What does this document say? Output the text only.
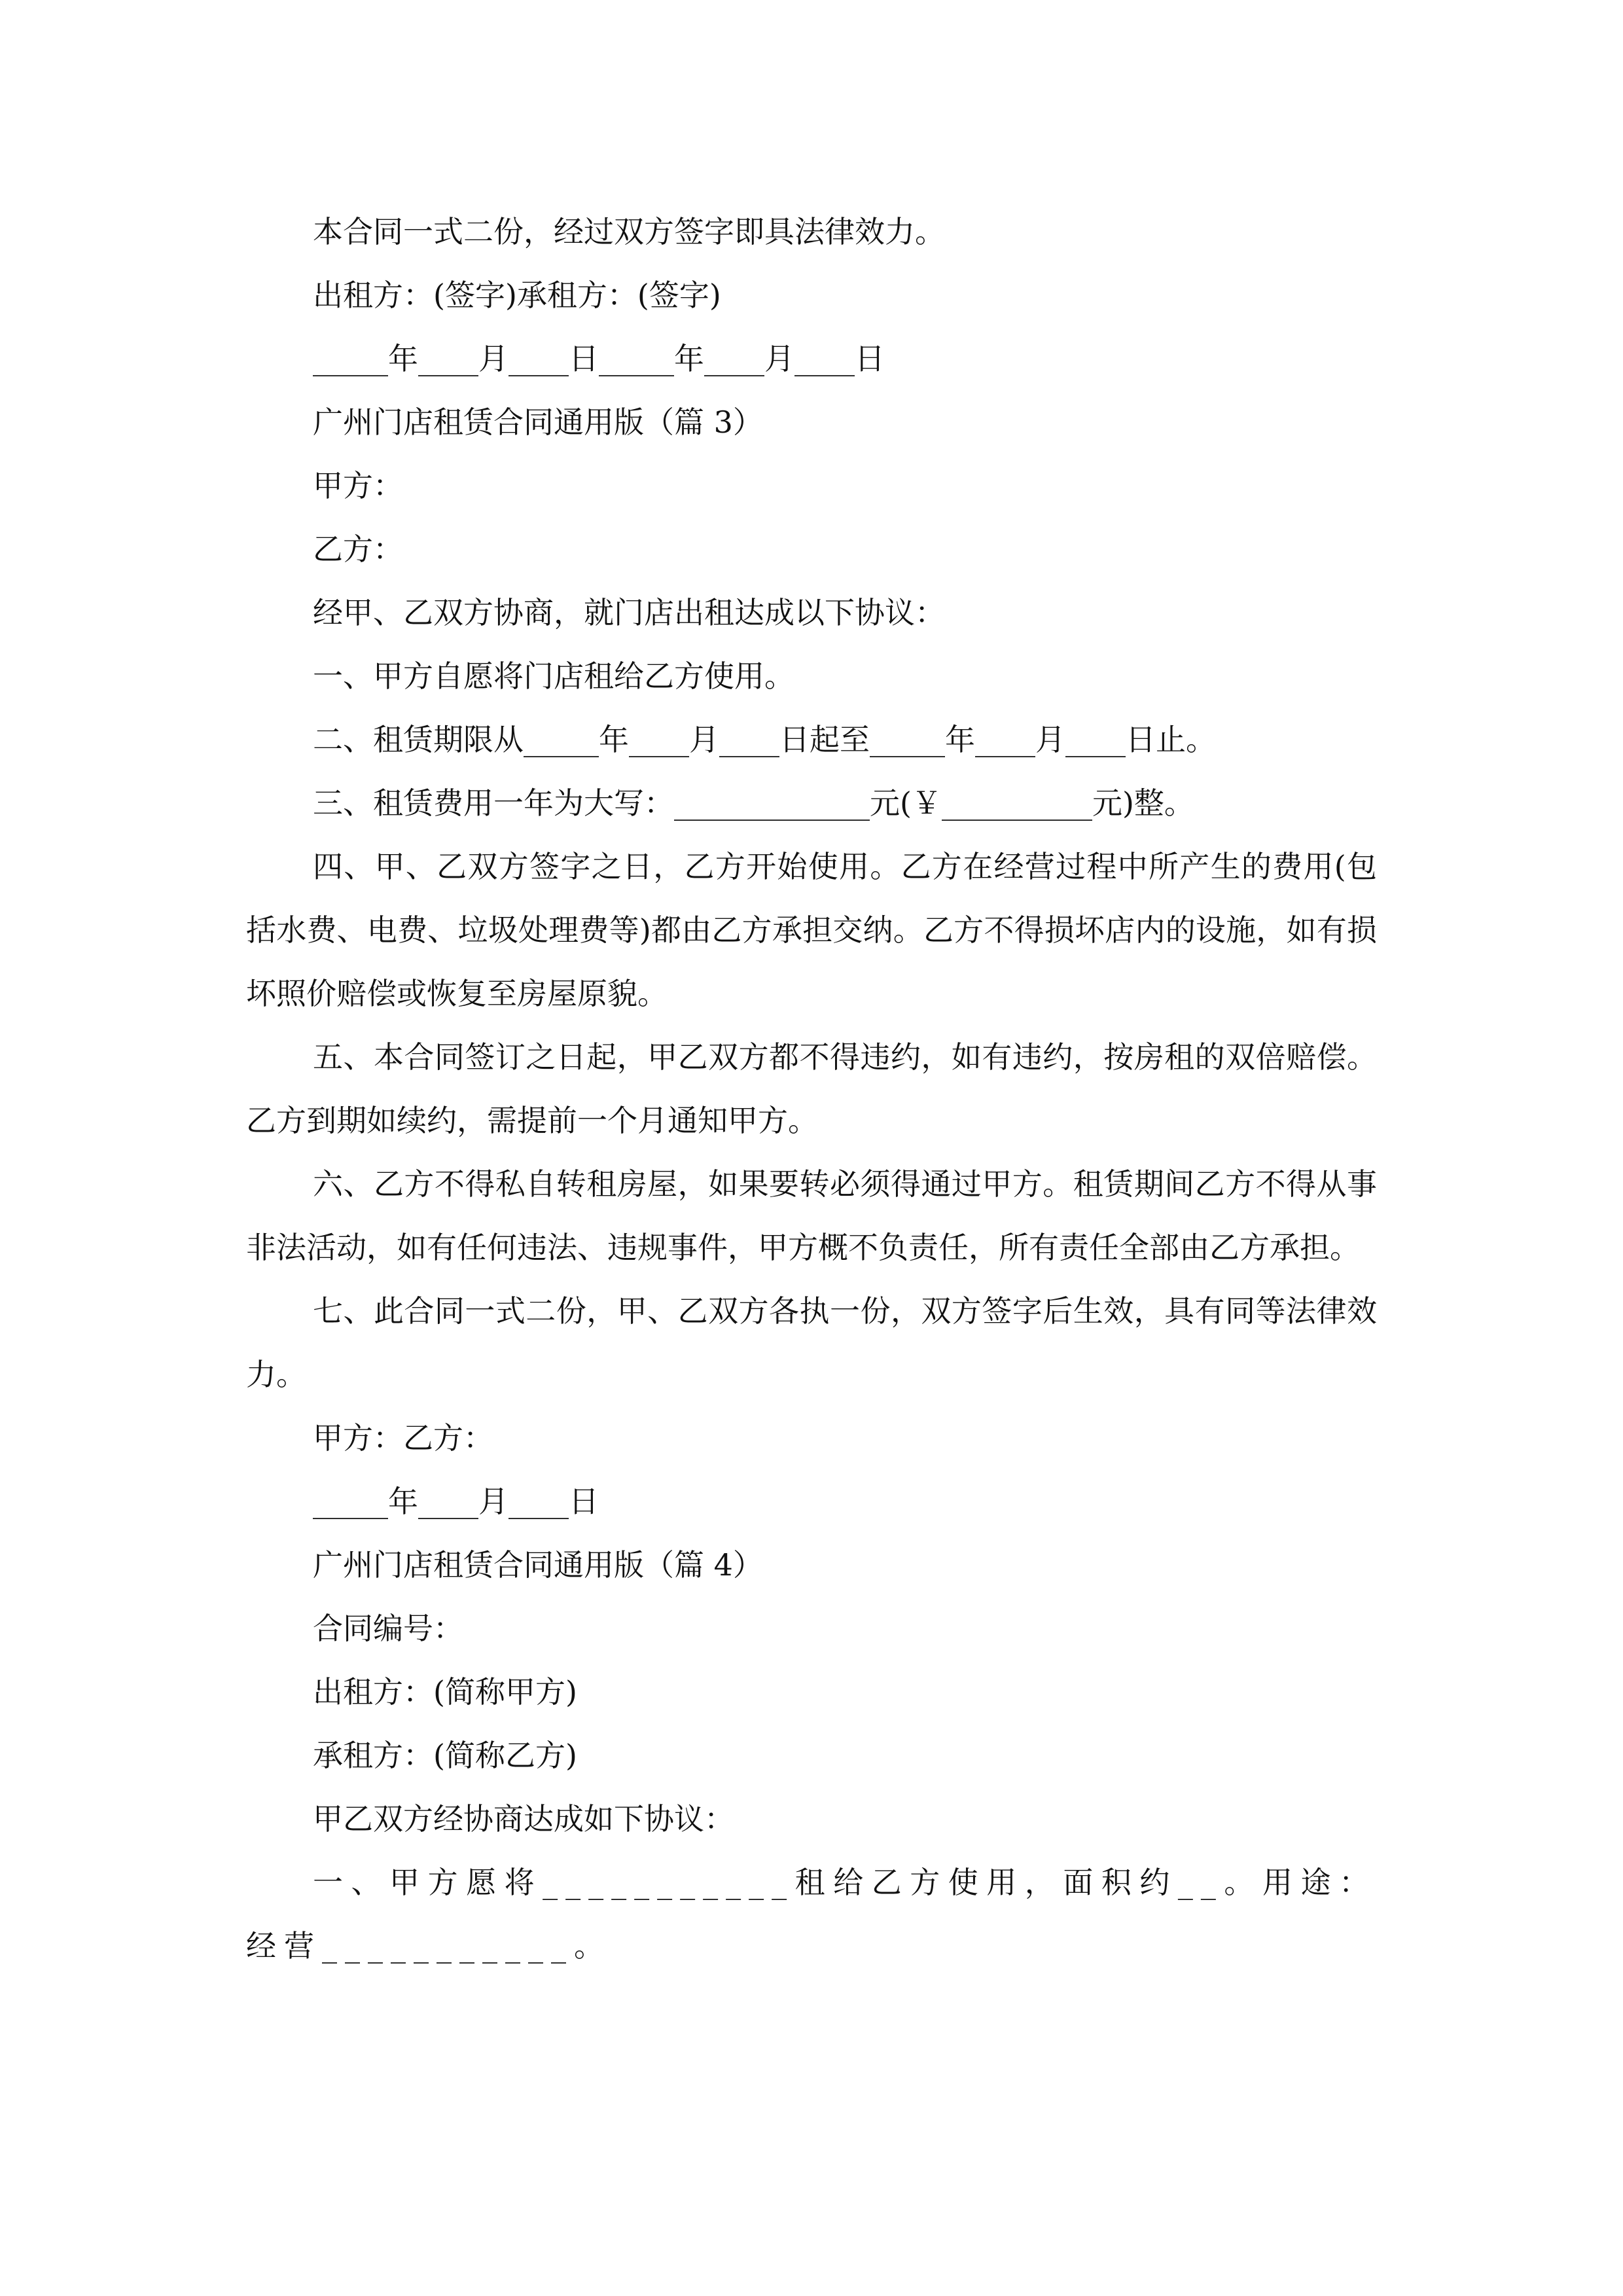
本合同一式二份，经过双方签字即具法律效力。

出租方：(签字)承租方：(签字)

_____年____月____日_____年____月____日

广州门店租赁合同通用版（篇 3）

甲方：

乙方：

经甲、乙双方协商，就门店出租达成以下协议：

一、甲方自愿将门店租给乙方使用。

二、租赁期限从_____年____月____日起至_____年____月____日止。

三、租赁费用一年为大写：_____________元(￥__________元)整。

四、甲、乙双方签字之日，乙方开始使用。乙方在经营过程中所产生的费用(包括水费、电费、垃圾处理费等)都由乙方承担交纳。乙方不得损坏店内的设施，如有损坏照价赔偿或恢复至房屋原貌。

五、本合同签订之日起，甲乙双方都不得违约，如有违约，按房租的双倍赔偿。乙方到期如续约，需提前一个月通知甲方。

六、乙方不得私自转租房屋，如果要转必须得通过甲方。租赁期间乙方不得从事非法活动，如有任何违法、违规事件，甲方概不负责任，所有责任全部由乙方承担。

七、此合同一式二份，甲、乙双方各执一份，双方签字后生效，具有同等法律效力。

甲方：乙方：

_____年____月____日

广州门店租赁合同通用版（篇 4）

合同编号：

出租方：(简称甲方)

承租方：(简称乙方)

甲乙双方经协商达成如下协议：

一、甲方愿将___________租给乙方使用，面积约__。用途：经营___________。
